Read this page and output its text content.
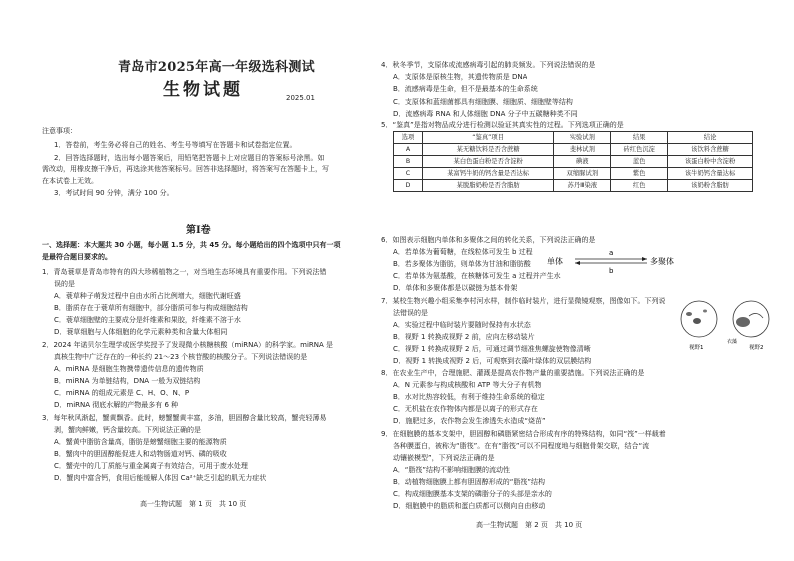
青岛市2025年高一年级选科测试
生物试题	2025.01
注意事项：
1．答卷前，考生务必将自己的姓名、考生号等填写在答题卡和试卷指定位置。
2．回答选择题时，选出每小题答案后，用铅笔把答题卡上对应题目的答案标号涂黑。如
需改动，用橡皮擦干净后，再选涂其他答案标号。回答非选择题时，将答案写在答题卡上，写
在本试卷上无效。
3．考试时间 90 分钟，满分 100 分。
第Ⅰ卷
一、选择题：本大题共 30 小题，每小题 1.5 分，共 45 分。每小题给出的四个选项中只有一项
是最符合题目要求的。
1．青岛蓑草是青岛市特有的四大珍稀植物之一，对当地生态环境具有重要作用。下列说法错
误的是
A．蓑草种子萌发过程中自由水所占比例增大，细胞代谢旺盛
B．脂质存在于蓑草所有细胞中，部分脂质可参与构成细胞结构
C．蓑草细胞壁的主要成分是纤维素和果胶，纤维素不溶于水
D．蓑草细胞与人体细胞的化学元素种类和含量大体相同
2．2024 年诺贝尔生理学或医学奖授予了发现微小核糖核酸（miRNA）的科学家。miRNA 是
真核生物中广泛存在的一种长约 21～23 个核苷酸的核酸分子。下列说法错误的是
A．miRNA 是细胞生物携带遗传信息的遗传物质
B．miRNA 为单链结构，DNA 一般为双链结构
C．miRNA 的组成元素是 C、H、O、N、P
D．miRNA 彻底水解的产物最多有 6 种
3．每年秋风渐起，蟹黄飘香。此时，螃蟹蟹黄丰富，多油，胆固醇含量比较高，蟹壳轻薄易
剥，蟹肉鲜嫩，钙含量较高。下列说法正确的是
A．蟹黄中脂肪含量高，脂肪是螃蟹细胞主要的能源物质
B．蟹肉中的胆固醇能促进人和动物肠道对钙、磷的吸收
C．蟹壳中的几丁质能与重金属离子有效结合，可用于废水处理
D．蟹肉中富含钙，食用后能缓解人体因 Ca²⁺缺乏引起的肌无力症状
高一生物试题　第 1 页　共 10 页
4．秋冬季节，支原体或流感病毒引起的肺炎频发。下列说法错误的是
A．支原体是原核生物，其遗传物质是 DNA
B．流感病毒是生命，但不是最基本的生命系统
C．支原体和蓝细菌都具有细胞膜、细胞质、细胞壁等结构
D．流感病毒 RNA 和人体细胞 DNA 分子中五碳糖种类不同
5．“鉴真”是指对物品成分进行检测以验证其真实性的过程。下列选项正确的是
选项	“鉴真”项目	实验试剂	结果	结论
A	某无糖饮料是否含蔗糖	斐林试剂	砖红色沉淀	该饮料含蔗糖
B	某白色蛋白粉是否含淀粉	碘液	蓝色	该蛋白粉中含淀粉
C	某富钙牛奶的钙含量是否达标	双缩脲试剂	紫色	该牛奶钙含量达标
D	某脱脂奶粉是否含脂肪	苏丹Ⅲ染液	红色	该奶粉含脂肪
6．如图表示细胞内单体和多聚体之间的转化关系，下列说法正确的是
A．若单体为葡萄糖，在线粒体可发生 b 过程
B．若多聚体为脂肪，则单体为甘油和脂肪酸
C．若单体为氨基酸，在核糖体可发生 a 过程并产生水
D．单体和多聚体都是以碳链为基本骨架
单体
a
b
多聚体
7．某校生物兴趣小组采集李村河水样，制作临时装片，进行显微镜观察，图像如下。下列说
法错误的是
A．实验过程中临时装片要随时保持有水状态
B．视野 1 转换成视野 2 前，应向左移动装片
C．视野 1 转换成视野 2 后，可通过调节细准焦螺旋使物像清晰
D．视野 1 转换成视野 2 后，可观察到衣藻叶绿体的双层膜结构
视野1	视野2
衣藻
8．在农业生产中，合理施肥、灌溉是提高农作物产量的重要措施。下列说法正确的是
A．N 元素参与构成核酸和 ATP 等大分子有机物
B．水对比热容较低，有利于维持生命系统的稳定
C．无机盐在农作物体内都是以离子的形式存在
D．施肥过多，农作物会发生渗透失水造成“烧苗”
9．在细胞膜的基本支架中，胆固醇和磷脂紧密结合形成有序的特殊结构，如同“筏”一样载着
各种膜蛋白，被称为“脂筏”。在有“脂筏”可以不同程度地与细胞骨架交联，结合“流
动镶嵌模型”，下列说法正确的是
A．“脂筏”结构不影响细胞膜的流动性
B．动植物细胞膜上都有胆固醇形成的“脂筏”结构
C．构成细胞膜基本支架的磷脂分子的头部是亲水的
D．细胞膜中的脂质和蛋白质都可以侧向自由移动
高一生物试题　第 2 页　共 10 页
